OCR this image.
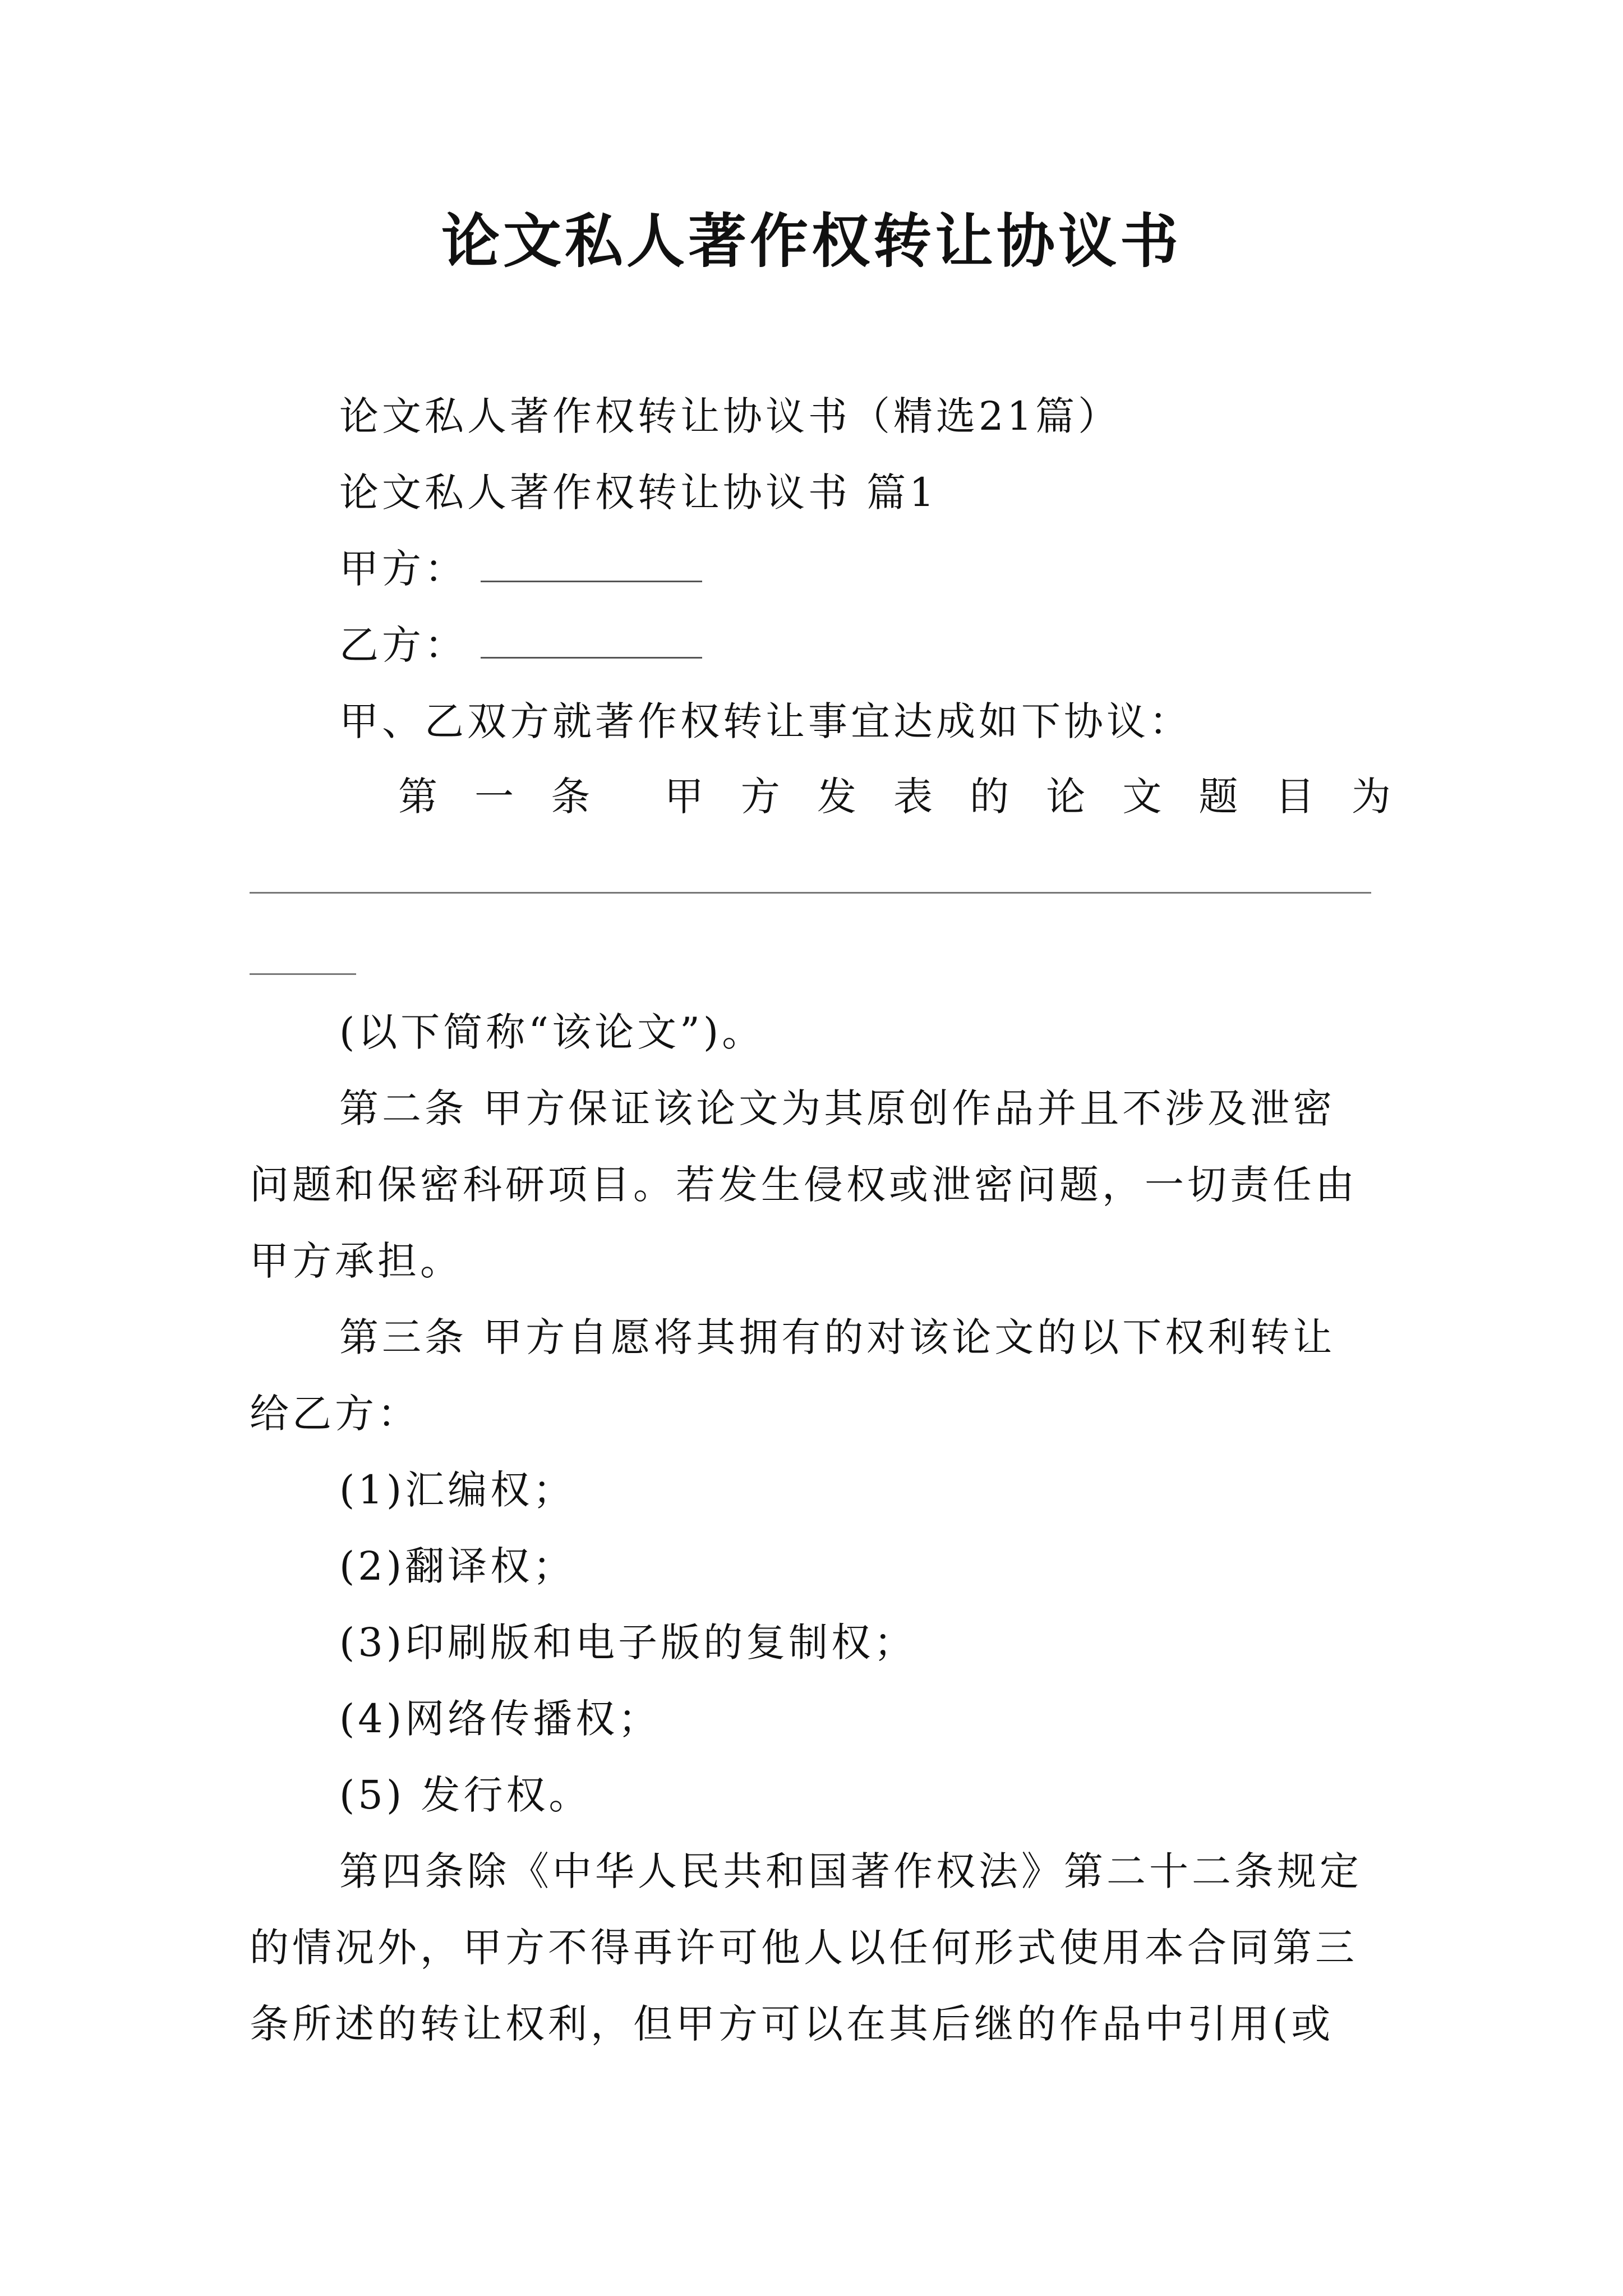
论文私人著作权转让协议书
论文私人著作权转让协议书（精选21篇）
论文私人著作权转让协议书 篇1
甲方：
乙方：
甲、乙双方就著作权转让事宜达成如下协议：
第 一 条 甲 方 发 表 的 论 文 题 目 为
(以下简称“该论文”)。
第二条 甲方保证该论文为其原创作品并且不涉及泄密
问题和保密科研项目。若发生侵权或泄密问题，一切责任由
甲方承担。
第三条 甲方自愿将其拥有的对该论文的以下权利转让
给乙方：
(1)汇编权；
(2)翻译权；
(3)印刷版和电子版的复制权；
(4)网络传播权；
(5) 发行权。
第四条除《中华人民共和国著作权法》第二十二条规定
的情况外，甲方不得再许可他人以任何形式使用本合同第三
条所述的转让权利，但甲方可以在其后继的作品中引用(或
